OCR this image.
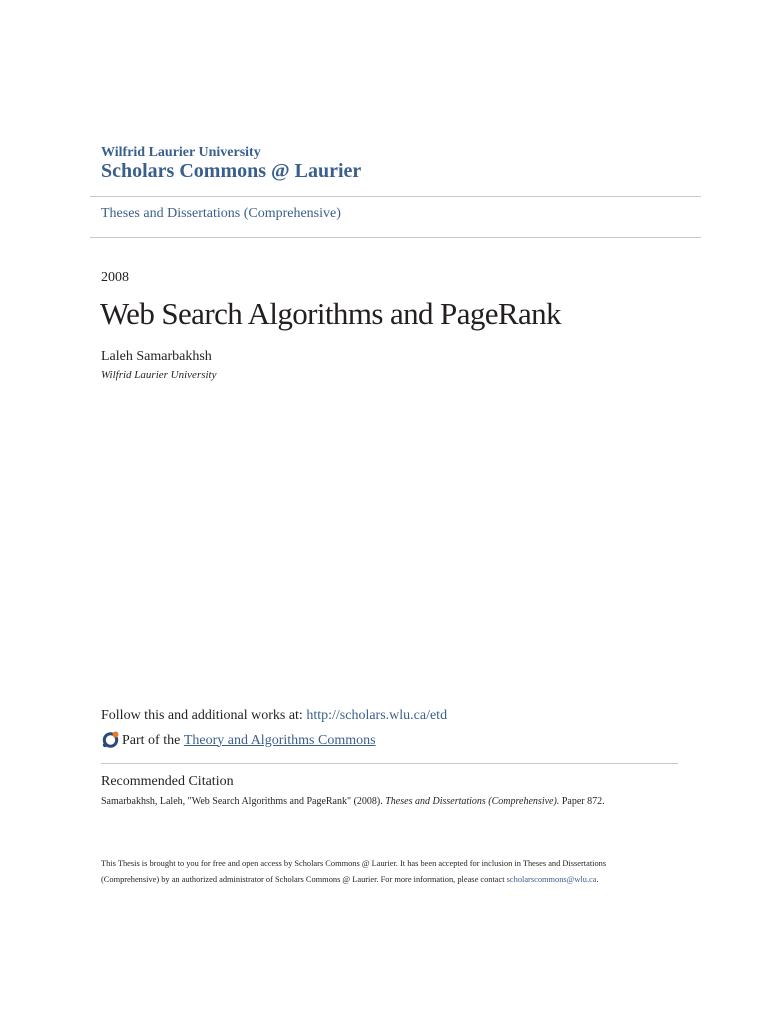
Wilfrid Laurier University
Scholars Commons @ Laurier
Theses and Dissertations (Comprehensive)
2008
Web Search Algorithms and PageRank
Laleh Samarbakhsh
Wilfrid Laurier University
Follow this and additional works at: http://scholars.wlu.ca/etd
Part of the
Theory and Algorithms Commons
Recommended Citation
Samarbakhsh, Laleh, "Web Search Algorithms and PageRank" (2008). Theses and Dissertations (Comprehensive). Paper 872.

This Thesis is brought to you for free and open access by Scholars Commons @ Laurier. It has been accepted for inclusion in Theses and Dissertations

(Comprehensive) by an authorized administrator of Scholars Commons @ Laurier. For more information, please contact scholarscommons@wlu.ca.
